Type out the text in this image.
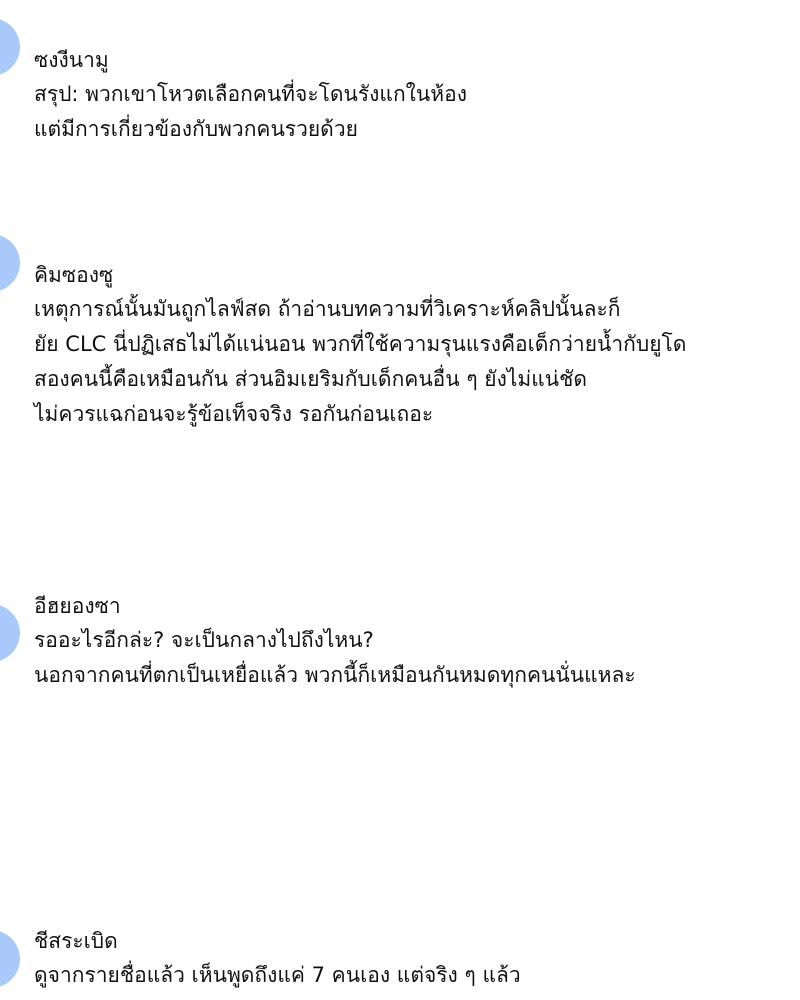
ซงงีนามู
สรุป: พวกเขาโหวตเลือกคนที่จะโดนรังแกในห้อง
แต่มีการเกี่ยวข้องกับพวกคนรวยด้วย
คิมซองซู
เหตุการณ์นั้นมันถูกไลฟ์สด ถ้าอ่านบทความที่วิเคราะห์คลิปนั้นละก็
ยัย CLC นี่ปฏิเสธไม่ได้แน่นอน พวกที่ใช้ความรุนแรงคือเด็กว่ายน้ำกับยูโด
สองคนนี้คือเหมือนกัน ส่วนอิมเยริมกับเด็กคนอื่น ๆ ยังไม่แน่ชัด
ไม่ควรแฉก่อนจะรู้ข้อเท็จจริง รอกันก่อนเถอะ
อีฮยองซา
รออะไรอีกล่ะ? จะเป็นกลางไปถึงไหน?
นอกจากคนที่ตกเป็นเหยื่อแล้ว พวกนี้ก็เหมือนกันหมดทุกคนนั่นแหละ
ชีสระเบิด
ดูจากรายชื่อแล้ว เห็นพูดถึงแค่ 7 คนเอง แต่จริง ๆ แล้ว
